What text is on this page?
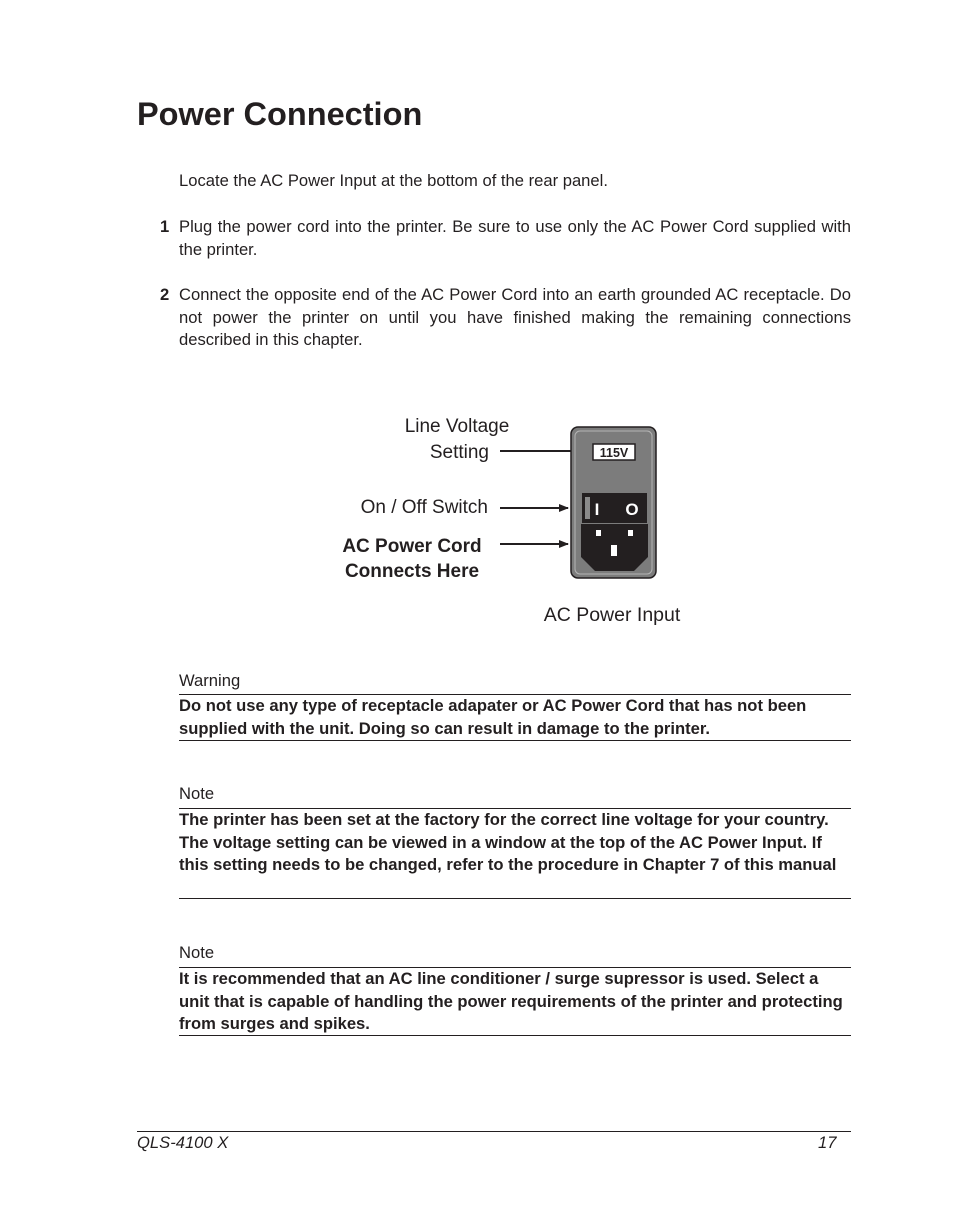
Power Connection

Locate the AC Power Input at the bottom of the rear panel.

1 Plug the power cord into the printer. Be sure to use only the AC Power Cord supplied with the printer.

2 Connect the opposite end of the AC Power Cord into an earth grounded AC receptacle. Do not power the printer on until you have finished making the remaining connections described in this chapter.

Line Voltage
Setting
On / Off Switch
AC Power Cord
Connects Here
115V
I O
AC Power Input
Warning
Do not use any type of receptacle adapater or AC Power Cord that has not been supplied with the unit. Doing so can result in damage to the printer.
Note
The printer has been set at the factory for the correct line voltage for your country. The voltage setting can be viewed in a window at the top of the AC Power Input. If this setting needs to be changed, refer to the procedure in Chapter 7 of this manual
Note
It is recommended that an AC line conditioner / surge supressor is used. Select a unit that is capable of handling the power requirements of the printer and protecting from surges and spikes.
QLS-4100 X	17
